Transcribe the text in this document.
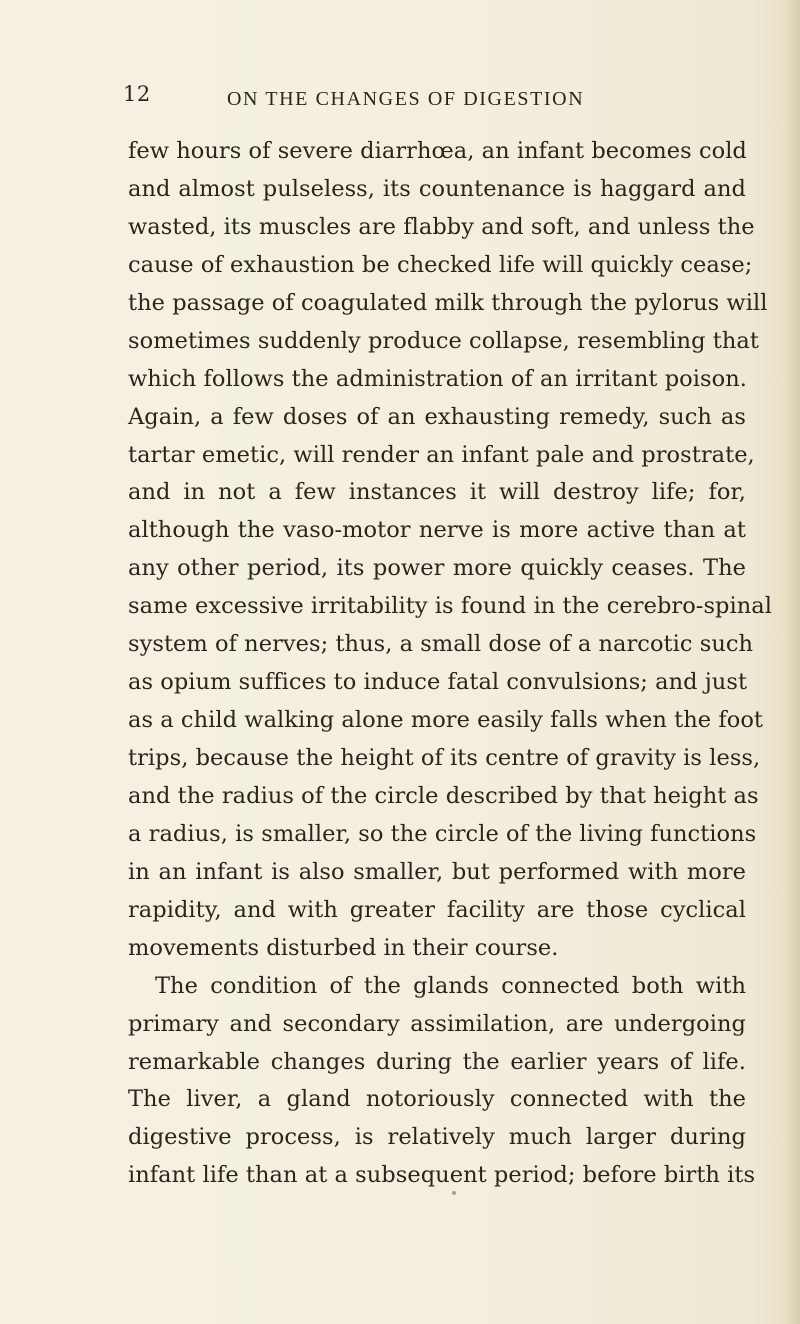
12	ON THE CHANGES OF DIGESTION
few hours of severe diarrhœa, an infant becomes cold
and almost pulseless, its countenance is haggard and
wasted, its muscles are flabby and soft, and unless the
cause of exhaustion be checked life will quickly cease;
the passage of coagulated milk through the pylorus will
sometimes suddenly produce collapse, resembling that
which follows the administration of an irritant poison.
Again, a few doses of an exhausting remedy, such as
tartar emetic, will render an infant pale and prostrate,
and in not a few instances it will destroy life; for,
although the vaso-motor nerve is more active than at
any other period, its power more quickly ceases. The
same excessive irritability is found in the cerebro-spinal
system of nerves; thus, a small dose of a narcotic such
as opium suffices to induce fatal convulsions; and just
as a child walking alone more easily falls when the foot
trips, because the height of its centre of gravity is less,
and the radius of the circle described by that height as
a radius, is smaller, so the circle of the living functions
in an infant is also smaller, but performed with more
rapidity, and with greater facility are those cyclical
movements disturbed in their course.
The condition of the glands connected both with
primary and secondary assimilation, are undergoing
remarkable changes during the earlier years of life.
The liver, a gland notoriously connected with the
digestive process, is relatively much larger during
infant life than at a subsequent period; before birth its
